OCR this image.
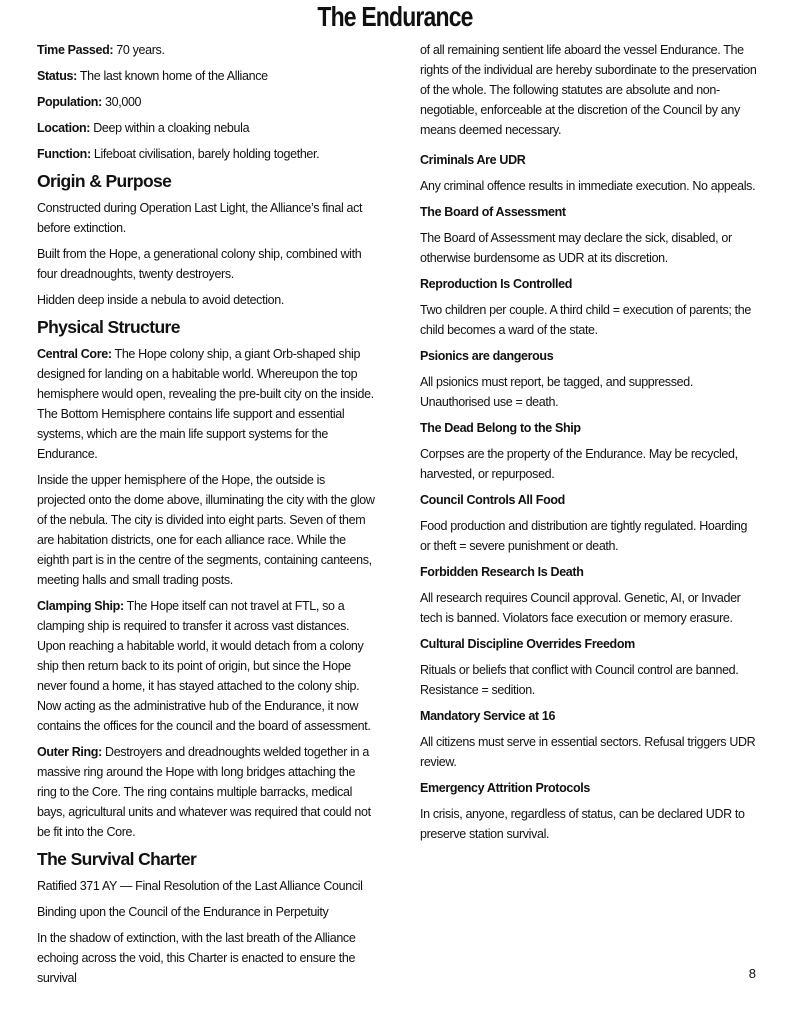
The Endurance

Time Passed: 70 years.

Status: The last known home of the Alliance

Population: 30,000

Location: Deep within a cloaking nebula

Function: Lifeboat civilisation, barely holding together.

Origin & Purpose

Constructed during Operation Last Light, the Alliance’s final act before extinction.

Built from the Hope, a generational colony ship, combined with four dreadnoughts, twenty destroyers.

Hidden deep inside a nebula to avoid detection.

Physical Structure

Central Core: The Hope colony ship, a giant Orb-shaped ship designed for landing on a habitable world. Whereupon the top hemisphere would open, revealing the pre-built city on the inside. The Bottom Hemisphere contains life support and essential systems, which are the main life support systems for the Endurance.

Inside the upper hemisphere of the Hope, the outside is projected onto the dome above, illuminating the city with the glow of the nebula. The city is divided into eight parts. Seven of them are habitation districts, one for each alliance race. While the eighth part is in the centre of the segments, containing canteens, meeting halls and small trading posts.

Clamping Ship: The Hope itself can not travel at FTL, so a clamping ship is required to transfer it across vast distances. Upon reaching a habitable world, it would detach from a colony ship then return back to its point of origin, but since the Hope never found a home, it has stayed attached to the colony ship. Now acting as the administrative hub of the Endurance, it now contains the offices for the council and the board of assessment.

Outer Ring: Destroyers and dreadnoughts welded together in a massive ring around the Hope with long bridges attaching the ring to the Core. The ring contains multiple barracks, medical bays, agricultural units and whatever was required that could not be fit into the Core.

The Survival Charter

Ratified 371 AY — Final Resolution of the Last Alliance Council

Binding upon the Council of the Endurance in Perpetuity

In the shadow of extinction, with the last breath of the Alliance echoing across the void, this Charter is enacted to ensure the survival

of all remaining sentient life aboard the vessel Endurance. The rights of the individual are hereby subordinate to the preservation of the whole. The following statutes are absolute and non-negotiable, enforceable at the discretion of the Council by any means deemed necessary.

Criminals Are UDR

Any criminal offence results in immediate execution. No appeals.

The Board of Assessment

The Board of Assessment may declare the sick, disabled, or otherwise burdensome as UDR at its discretion.

Reproduction Is Controlled

Two children per couple. A third child = execution of parents; the child becomes a ward of the state.

Psionics are dangerous

All psionics must report, be tagged, and suppressed. Unauthorised use = death.

The Dead Belong to the Ship

Corpses are the property of the Endurance. May be recycled, harvested, or repurposed.

Council Controls All Food

Food production and distribution are tightly regulated. Hoarding or theft = severe punishment or death.

Forbidden Research Is Death

All research requires Council approval. Genetic, AI, or Invader tech is banned. Violators face execution or memory erasure.

Cultural Discipline Overrides Freedom

Rituals or beliefs that conflict with Council control are banned. Resistance = sedition.

Mandatory Service at 16

All citizens must serve in essential sectors. Refusal triggers UDR review.

Emergency Attrition Protocols

In crisis, anyone, regardless of status, can be declared UDR to preserve station survival.

8
